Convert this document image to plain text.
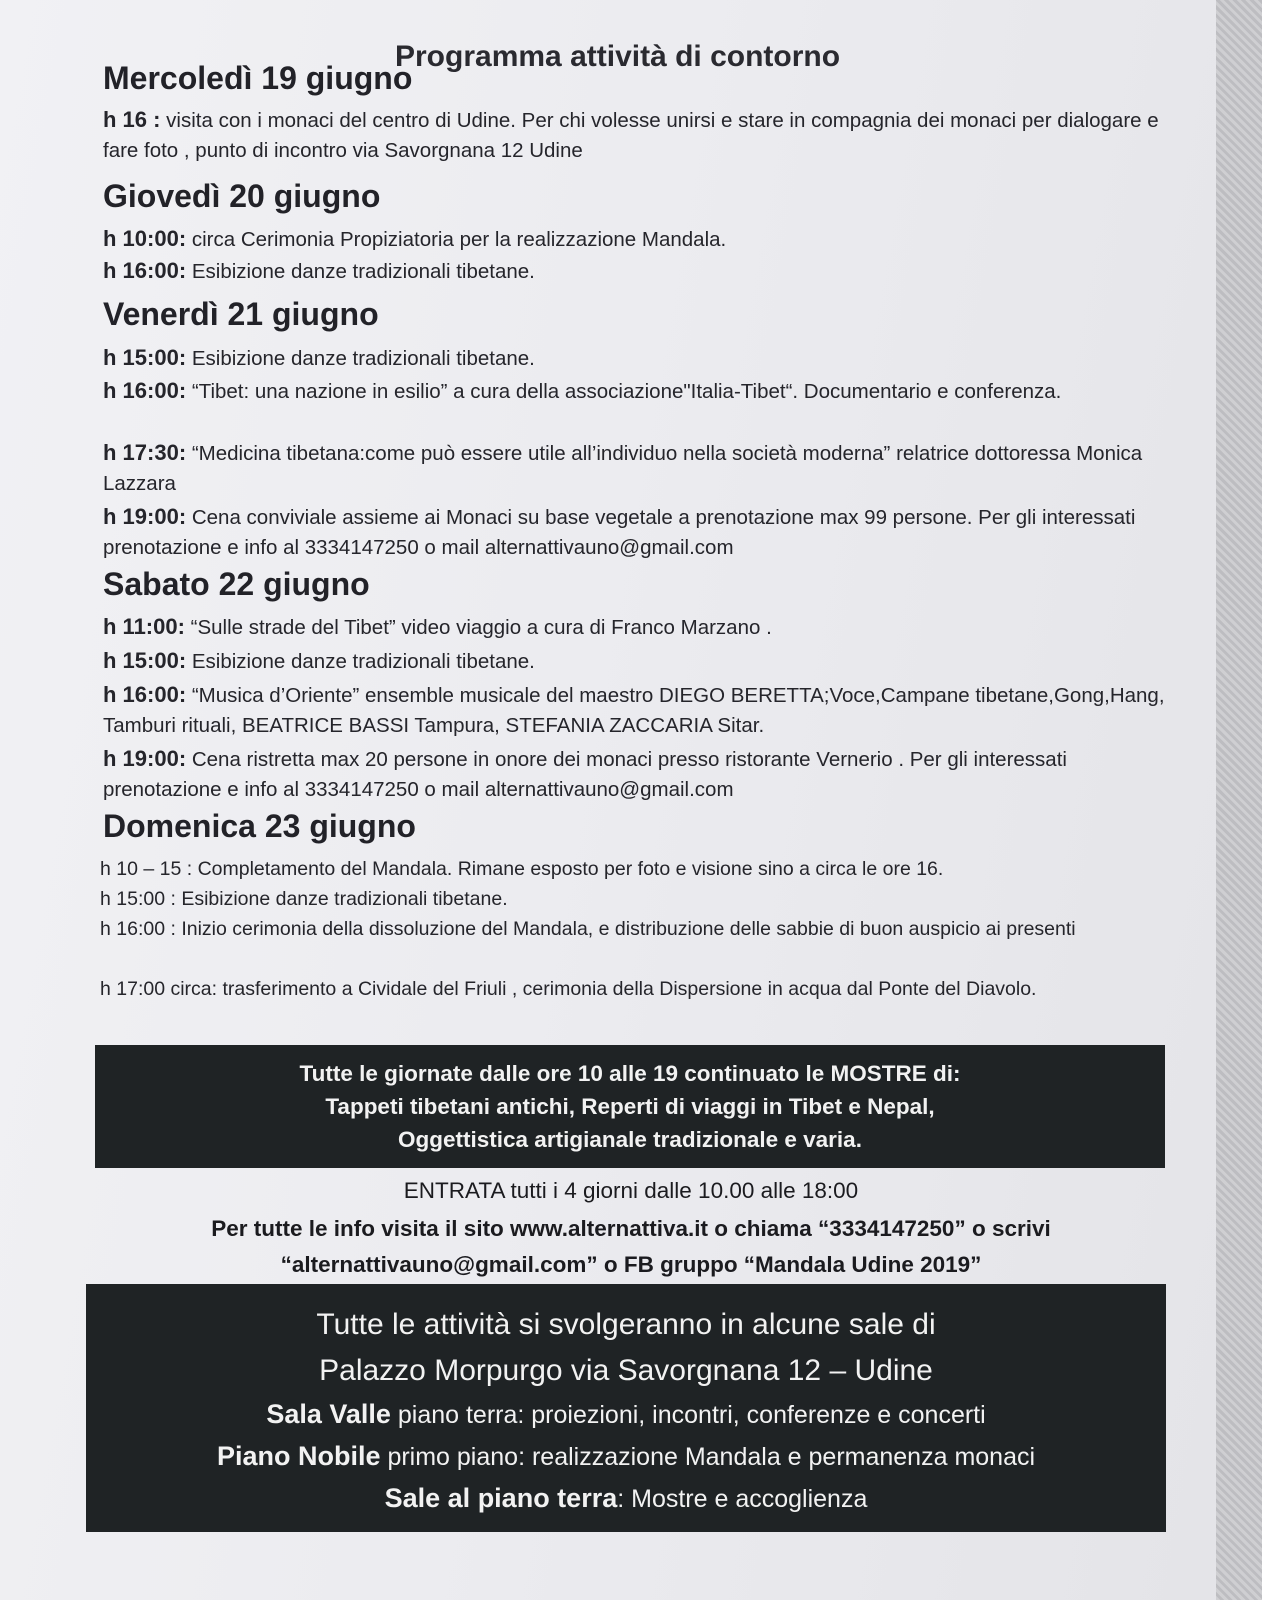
Programma attività di contorno
Mercoledì 19 giugno
h 16 : visita con i monaci del centro di Udine. Per chi volesse unirsi e stare in compagnia dei monaci per dialogare e fare foto , punto di incontro via Savorgnana 12 Udine
Giovedì 20 giugno
h 10:00: circa Cerimonia Propiziatoria per la realizzazione Mandala.
h 16:00: Esibizione danze tradizionali tibetane.
Venerdì 21 giugno
h 15:00: Esibizione danze tradizionali tibetane.
h 16:00: “Tibet: una nazione in esilio” a cura della associazione"Italia-Tibet“. Documentario e conferenza.
h 17:30: “Medicina tibetana:come può essere utile all’individuo nella società moderna” relatrice dottoressa Monica Lazzara
h 19:00: Cena conviviale assieme ai Monaci su base vegetale a prenotazione max 99 persone. Per gli interessati prenotazione e info al 3334147250 o mail alternattivauno@gmail.com
Sabato 22 giugno
h 11:00: “Sulle strade del Tibet” video viaggio a cura di Franco Marzano .
h 15:00: Esibizione danze tradizionali tibetane.
h 16:00: “Musica d’Oriente” ensemble musicale del maestro DIEGO BERETTA;Voce,Campane tibetane,Gong,Hang, Tamburi rituali, BEATRICE BASSI Tampura, STEFANIA ZACCARIA Sitar.
h 19:00: Cena ristretta max 20 persone in onore dei monaci presso ristorante Vernerio . Per gli interessati prenotazione e info al 3334147250 o mail alternattivauno@gmail.com
Domenica 23 giugno
h 10 – 15 : Completamento del Mandala. Rimane esposto per foto e visione sino a circa le ore 16.
h 15:00 : Esibizione danze tradizionali tibetane.
h 16:00 : Inizio cerimonia della dissoluzione del Mandala, e distribuzione delle sabbie di buon auspicio ai presenti
h 17:00 circa: trasferimento a Cividale del Friuli , cerimonia della Dispersione in acqua dal Ponte del Diavolo.
Tutte le giornate dalle ore 10 alle 19 continuato le MOSTRE di:
Tappeti tibetani antichi, Reperti di viaggi in Tibet e Nepal,
Oggettistica artigianale tradizionale e varia.
ENTRATA tutti i 4 giorni dalle 10.00 alle 18:00
Per tutte le info visita il sito www.alternattiva.it o chiama “3334147250” o scrivi
“alternattivauno@gmail.com” o FB gruppo “Mandala Udine 2019”
Tutte le attività si svolgeranno in alcune sale di
Palazzo Morpurgo via Savorgnana 12 – Udine
Sala Valle piano terra: proiezioni, incontri, conferenze e concerti
Piano Nobile primo piano: realizzazione Mandala e permanenza monaci
Sale al piano terra: Mostre e accoglienza
